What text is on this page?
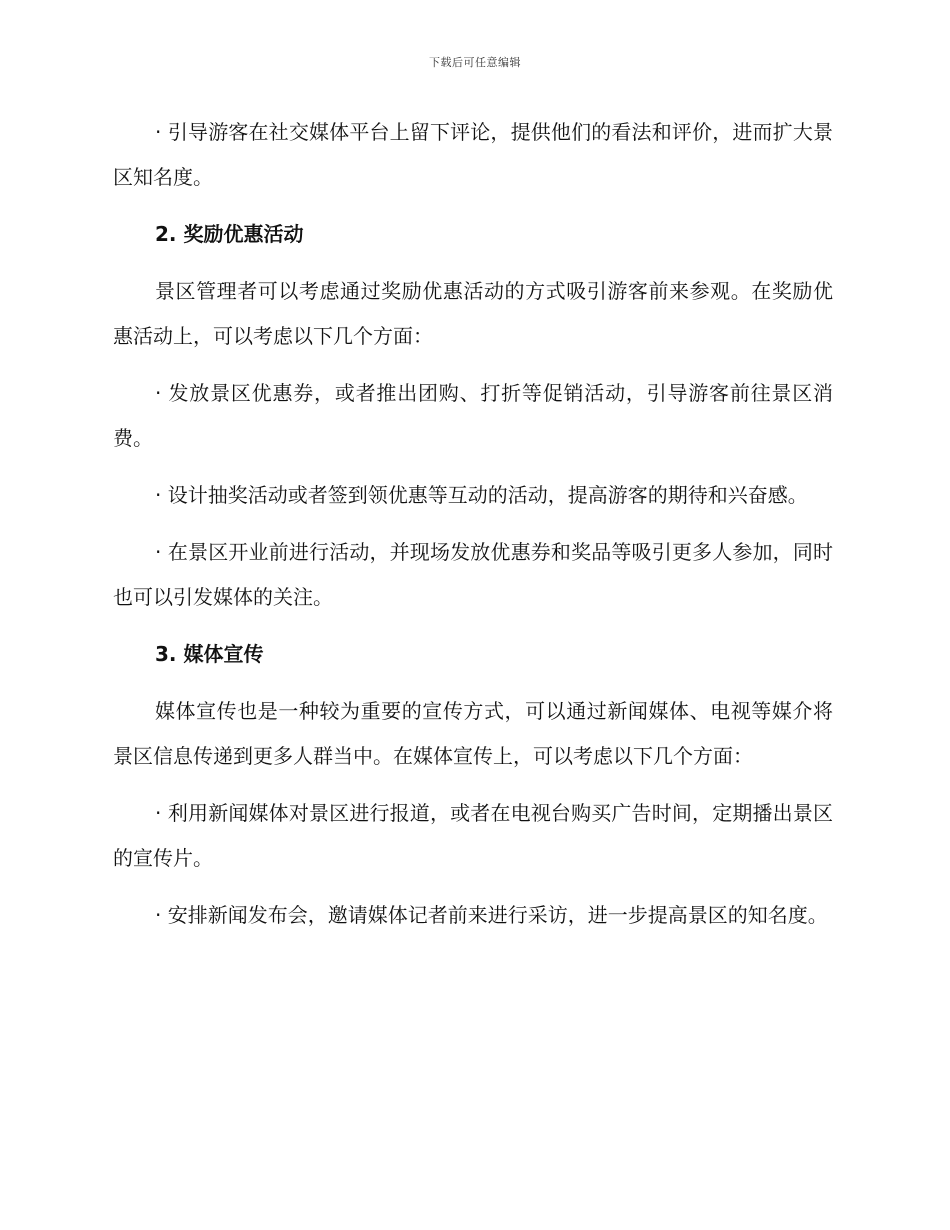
下载后可任意编辑

· 引导游客在社交媒体平台上留下评论，提供他们的看法和评价，进而扩大景区知名度。

2. 奖励优惠活动

景区管理者可以考虑通过奖励优惠活动的方式吸引游客前来参观。在奖励优惠活动上，可以考虑以下几个方面：

· 发放景区优惠券，或者推出团购、打折等促销活动，引导游客前往景区消费。

· 设计抽奖活动或者签到领优惠等互动的活动，提高游客的期待和兴奋感。

· 在景区开业前进行活动，并现场发放优惠券和奖品等吸引更多人参加，同时也可以引发媒体的关注。

3. 媒体宣传

媒体宣传也是一种较为重要的宣传方式，可以通过新闻媒体、电视等媒介将景区信息传递到更多人群当中。在媒体宣传上，可以考虑以下几个方面：

· 利用新闻媒体对景区进行报道，或者在电视台购买广告时间，定期播出景区的宣传片。

· 安排新闻发布会，邀请媒体记者前来进行采访，进一步提高景区的知名度。
